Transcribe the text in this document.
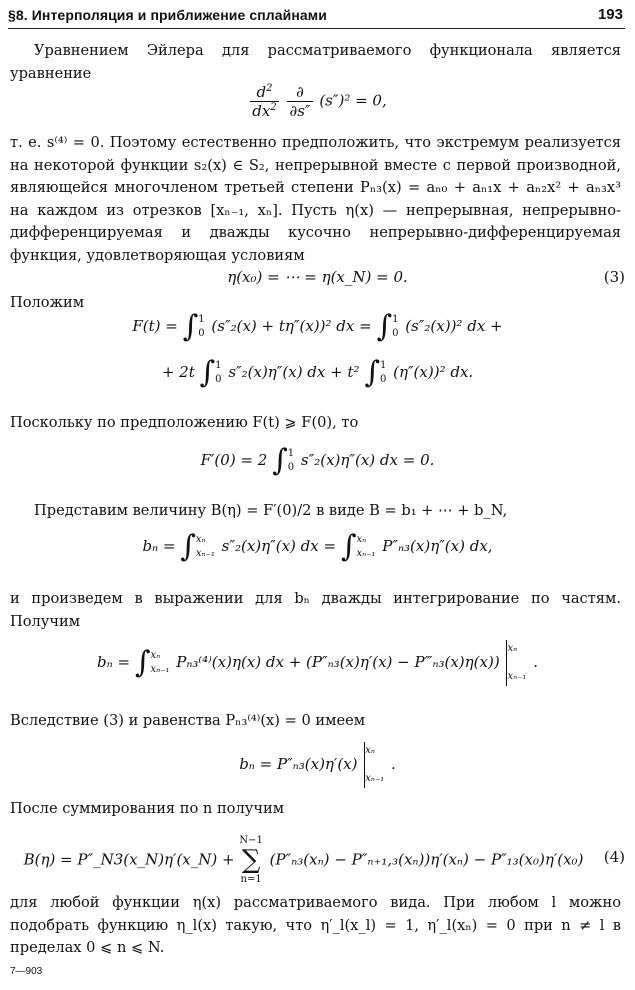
§8. Интерполяция и приближение сплайнами	193
Уравнением Эйлера для рассматриваемого функционала является уравнение
$\frac{d^2}{dx^2}$
$\frac{\partial}{\partial s''} (s'')^2 = 0$,
т. е. s⁽⁴⁾ = 0. Поэтому естественно предположить, что экстремум реализуется на некоторой функции s₂(x) ∈ S₂, непрерывной вместе с первой производной, являющейся многочленом третьей степени Pₙ₃(x) = aₙ₀ + aₙ₁x + aₙ₂x² + aₙ₃x³ на каждом из отрезков [xₙ₋₁, xₙ]. Пусть η(x) — непрерывная, непрерывно-дифференцируемая и дважды кусочно непрерывно-дифференцируемая функция, удовлетворяющая условиям
η(x₀) = ⋯ = η(x_N) = 0.	(3)
Положим
F(t) = ∫1
0 (s″₂(x) + tη″(x))² dx = ∫1
0 (s″₂(x))² dx +
+ 2t ∫1
0 s″₂(x)η″(x) dx + t² ∫1
0 (η″(x))² dx.
Поскольку по предположению F(t) ⩾ F(0), то
F′(0) = 2 ∫1
0 s″₂(x)η″(x) dx = 0.
Представим величину B(η) = F′(0)/2 в виде B = b₁ + ⋯ + b_N,
bₙ = ∫xₙ
xₙ₋₁ s″₂(x)η″(x) dx = ∫xₙ
xₙ₋₁ P″ₙ₃(x)η″(x) dx,
и произведем в выражении для bₙ дважды интегрирование по частям. Получим
bₙ = ∫xₙ
xₙ₋₁ Pₙ₃⁽⁴⁾(x)η(x) dx + (P″ₙ₃(x)η′(x) − P‴ₙ₃(x)η(x)) xₙ

xₙ₋₁ .
Вследствие (3) и равенства Pₙ₃⁽⁴⁾(x) = 0 имеем
bₙ = P″ₙ₃(x)η′(x) xₙ

xₙ₋₁ .
После суммирования по n получим
B(η) = P″_N3(x_N)η′(x_N) + N−1
∑
n=1 (P″ₙ₃(xₙ) − P″ₙ₊₁,₃(xₙ))η′(xₙ) − P″₁₃(x₀)η′(x₀)	(4)
для любой функции η(x) рассматриваемого вида. При любом l можно подобрать функцию η_l(x) такую, что η′_l(x_l) = 1, η′_l(xₙ) = 0 при n ≠ l в пределах 0 ⩽ n ⩽ N.
7—903
